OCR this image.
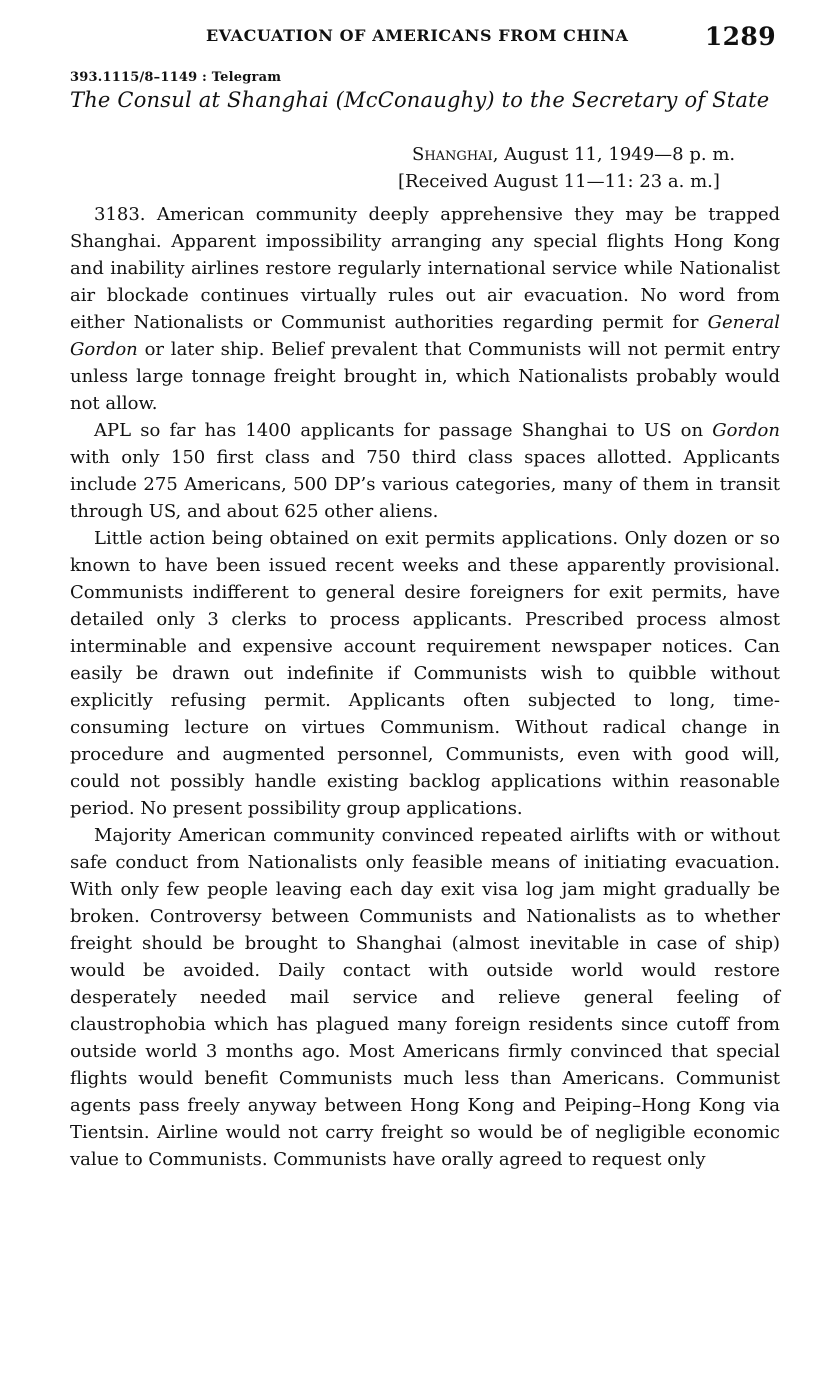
EVACUATION OF AMERICANS FROM CHINA	1289
393.1115/8–1149 : Telegram
The Consul at Shanghai (McConaughy) to the Secretary of State
Shanghai, August 11, 1949—8 p. m.
[Received August 11—11: 23 a. m.]

3183. American community deeply apprehensive they may be trapped Shanghai. Apparent impossibility arranging any special flights Hong Kong and inability airlines restore regularly international service while Nationalist air blockade continues virtually rules out air evacuation. No word from either Nationalists or Communist authorities regarding permit for General Gordon or later ship. Belief prevalent that Communists will not permit entry unless large tonnage freight brought in, which Nationalists probably would not allow.

APL so far has 1400 applicants for passage Shanghai to US on Gordon with only 150 first class and 750 third class spaces allotted. Applicants include 275 Americans, 500 DP’s various categories, many of them in transit through US, and about 625 other aliens.

Little action being obtained on exit permits applications. Only dozen or so known to have been issued recent weeks and these apparently provisional. Communists indifferent to general desire foreigners for exit permits, have detailed only 3 clerks to process applicants. Prescribed process almost interminable and expensive account requirement newspaper notices. Can easily be drawn out indefinite if Communists wish to quibble without explicitly refusing permit. Applicants often subjected to long, time-consuming lecture on virtues Communism. Without radical change in procedure and augmented personnel, Communists, even with good will, could not possibly handle existing backlog applications within reasonable period. No present possibility group applications.

Majority American community convinced repeated airlifts with or without safe conduct from Nationalists only feasible means of initiating evacuation. With only few people leaving each day exit visa log jam might gradually be broken. Controversy between Communists and Nationalists as to whether freight should be brought to Shanghai (almost inevitable in case of ship) would be avoided. Daily contact with outside world would restore desperately needed mail service and relieve general feeling of claustrophobia which has plagued many foreign residents since cutoff from outside world 3 months ago. Most Americans firmly convinced that special flights would benefit Communists much less than Americans. Communist agents pass freely anyway between Hong Kong and Peiping–Hong Kong via Tientsin. Airline would not carry freight so would be of negligible economic value to Communists. Communists have orally agreed to request only
